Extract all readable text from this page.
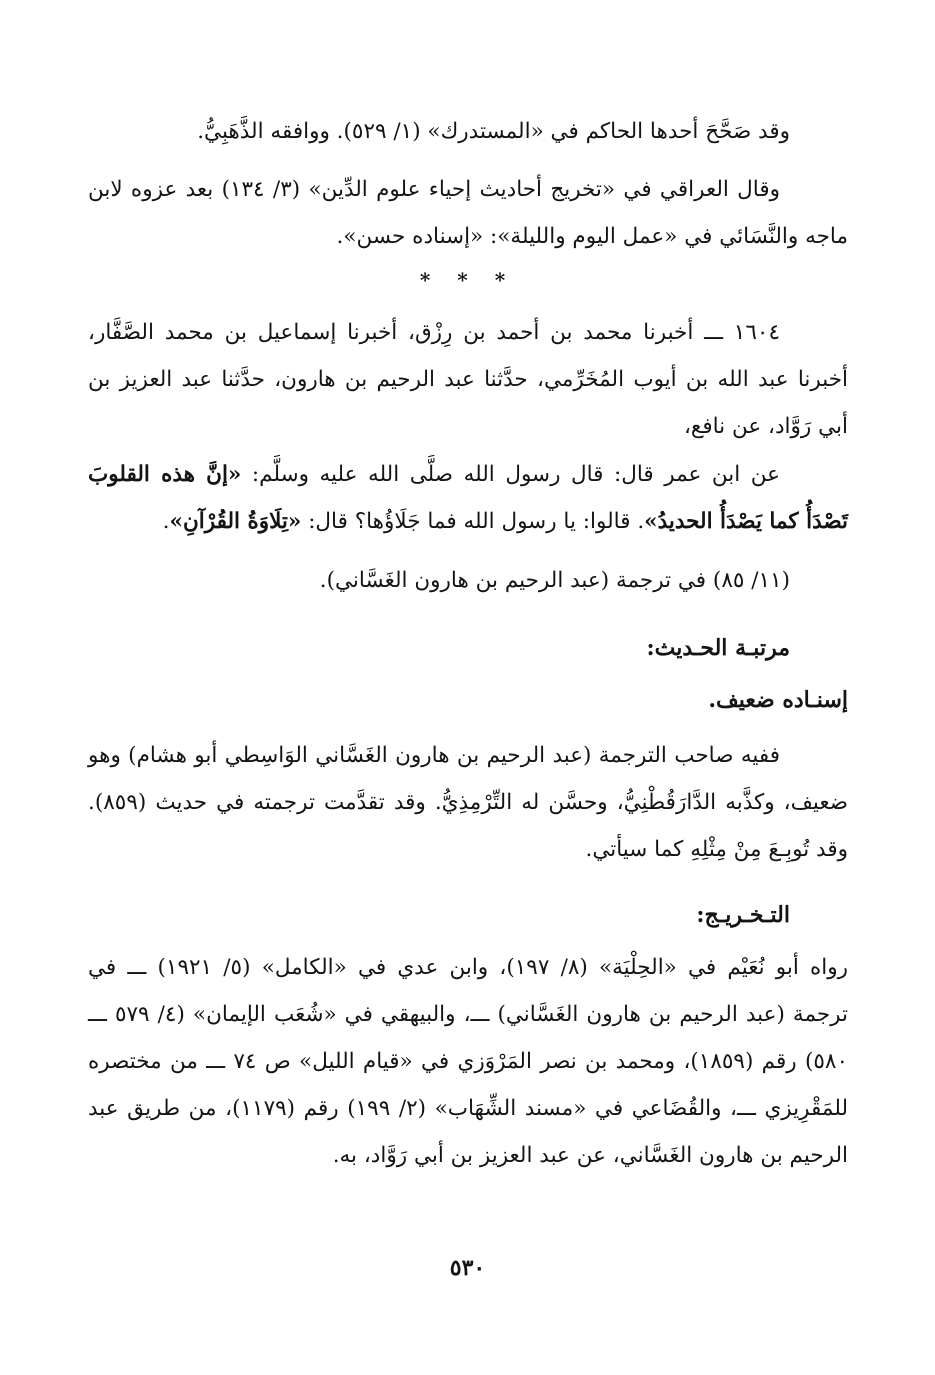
وقد صَحَّحَ أحدها الحاكم في «المستدرك» (١/ ٥٢٩). ووافقه الذَّهَبِيُّ.

وقال العراقي في «تخريج أحاديث إحياء علوم الدِّين» (٣/ ١٣٤) بعد عزوه لابن ماجه والنَّسَائي في «عمل اليوم والليلة»: «إسناده حسن».

* * *

١٦٠٤ ـــ أخبرنا محمد بن أحمد بن رِزْق، أخبرنا إسماعيل بن محمد الصَّفَّار، أخبرنا عبد الله بن أيوب المُخَرِّمي، حدَّثنا عبد الرحيم بن هارون، حدَّثنا عبد العزيز بن أبي رَوَّاد، عن نافع،

عن ابن عمر قال: قال رسول الله صلَّى الله عليه وسلَّم: «إنَّ هذه القلوبَ تَصْدَأُ كما يَصْدَأُ الحديدُ». قالوا: يا رسول الله فما جَلَاؤُها؟ قال: «تِلَاوَةُ القُرْآنِ».

(١١/ ٨٥) في ترجمة (عبد الرحيم بن هارون الغَسَّاني).
مرتبـة الحـديث:
إسنـاده ضعيف.

ففيه صاحب الترجمة (عبد الرحيم بن هارون الغَسَّاني الوَاسِطي أبو هشام) وهو ضعيف، وكذَّبه الدَّارَقُطْنِيُّ، وحسَّن له التِّرْمِذِيُّ. وقد تقدَّمت ترجمته في حديث (٨٥٩). وقد تُوبِـعَ مِنْ مِثْلِهِ كما سيأتي.

التـخـريـج:

رواه أبو نُعَيْم في «الحِلْيَة» (٨/ ١٩٧)، وابن عدي في «الكامل» (٥/ ١٩٢١) ـــ في ترجمة (عبد الرحيم بن هارون الغَسَّاني) ـــ، والبيهقي في «شُعَب الإيمان» (٤/ ٥٧٩ ـــ ٥٨٠) رقم (١٨٥٩)، ومحمد بن نصر المَرْوَزي في «قيام الليل» ص ٧٤ ـــ من مختصره للمَقْرِيزي ـــ، والقُضَاعي في «مسند الشِّهَاب» (٢/ ١٩٩) رقم (١١٧٩)، من طريق عبد الرحيم بن هارون الغَسَّاني، عن عبد العزيز بن أبي رَوَّاد، به.

٥٣٠
